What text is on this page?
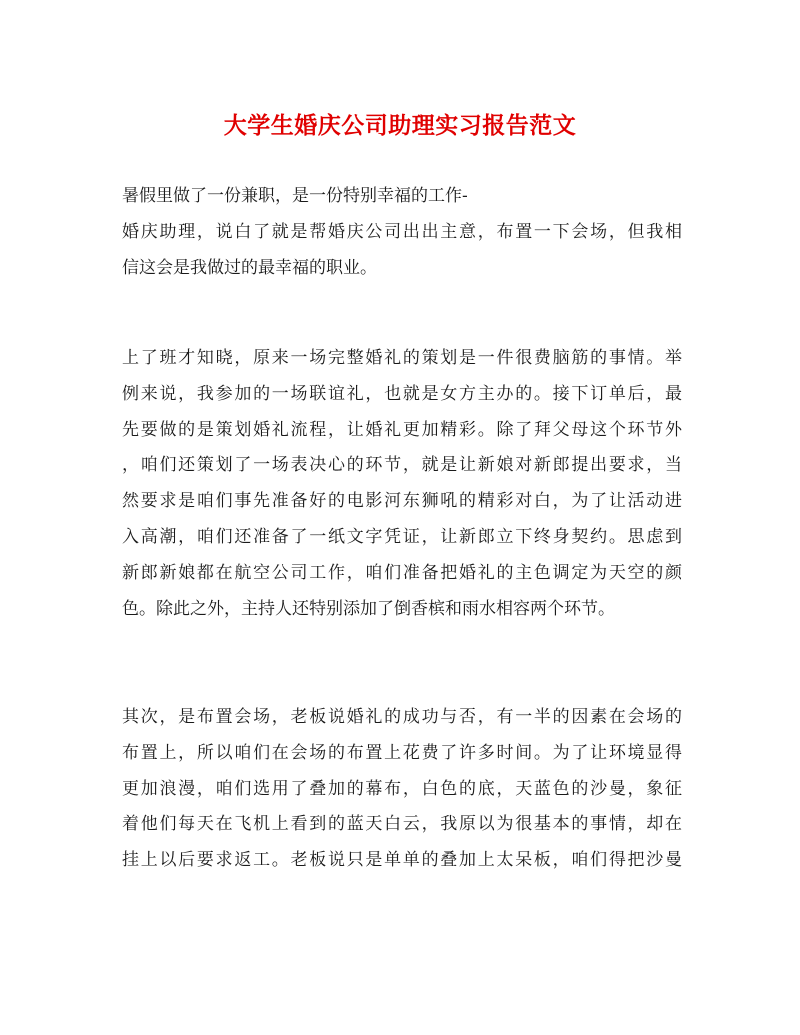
大学生婚庆公司助理实习报告范文
暑假里做了一份兼职，是一份特别幸福的工作-
婚庆助理，说白了就是帮婚庆公司出出主意，布置一下会场，但我相
信这会是我做过的最幸福的职业。
上了班才知晓，原来一场完整婚礼的策划是一件很费脑筋的事情。举
例来说，我参加的一场联谊礼，也就是女方主办的。接下订单后，最
先要做的是策划婚礼流程，让婚礼更加精彩。除了拜父母这个环节外
，咱们还策划了一场表决心的环节，就是让新娘对新郎提出要求，当
然要求是咱们事先准备好的电影河东狮吼的精彩对白，为了让活动进
入高潮，咱们还准备了一纸文字凭证，让新郎立下终身契约。思虑到
新郎新娘都在航空公司工作，咱们准备把婚礼的主色调定为天空的颜
色。除此之外，主持人还特别添加了倒香槟和雨水相容两个环节。
其次，是布置会场，老板说婚礼的成功与否，有一半的因素在会场的
布置上，所以咱们在会场的布置上花费了许多时间。为了让环境显得
更加浪漫，咱们选用了叠加的幕布，白色的底，天蓝色的沙曼，象征
着他们每天在飞机上看到的蓝天白云，我原以为很基本的事情，却在
挂上以后要求返工。老板说只是单单的叠加上太呆板，咱们得把沙曼
